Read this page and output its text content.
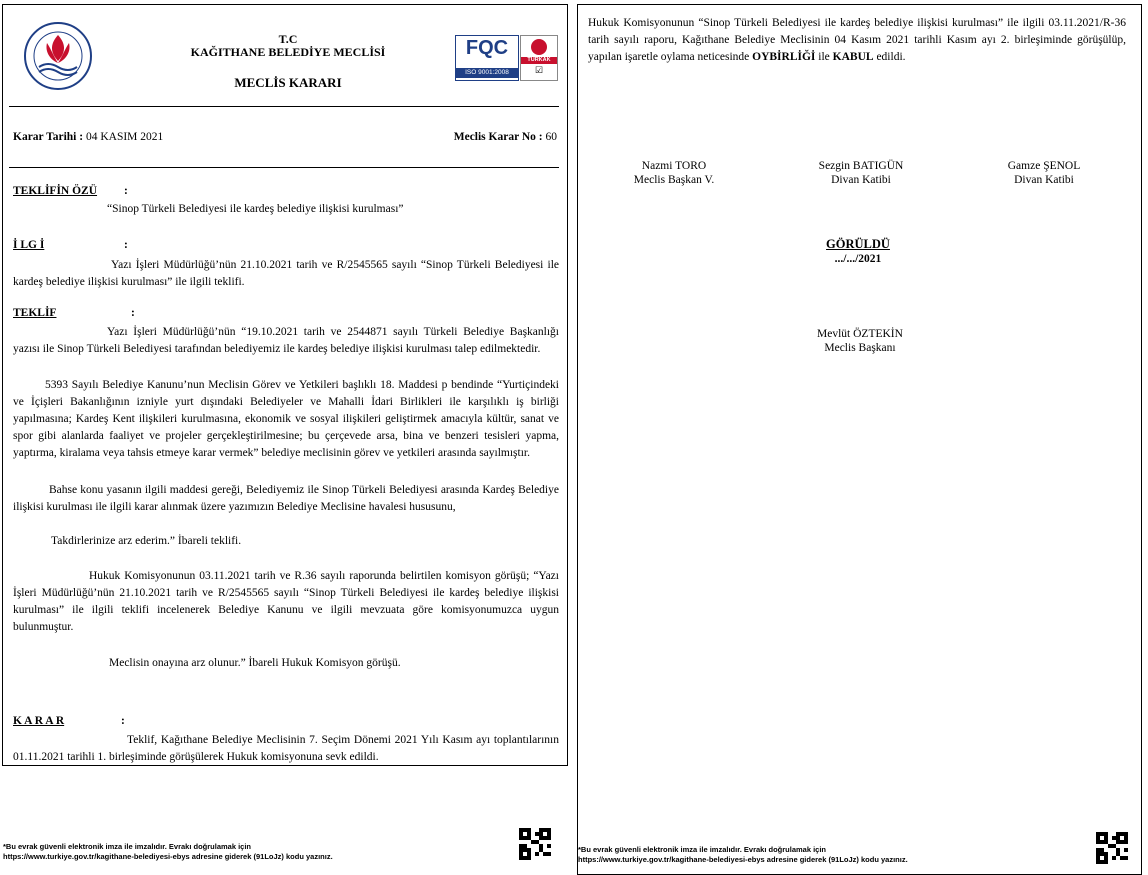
T.C
KAĞITHANE BELEDİYE MECLİSİ
MECLİS KARARI
FQC
ISO 9001:2008
TÜRKAK
☑
Karar Tarihi : 04 KASIM 2021	Meclis Karar No : 60
TEKLİFİN ÖZÜ :
“Sinop Türkeli Belediyesi ile kardeş belediye ilişkisi kurulması”
İ LG İ	:
Yazı İşleri Müdürlüğü’nün 21.10.2021 tarih ve R/2545565 sayılı “Sinop Türkeli Belediyesi ile kardeş belediye ilişkisi kurulması” ile ilgili teklifi.
TEKLİF	:
Yazı İşleri Müdürlüğü’nün “19.10.2021 tarih ve 2544871 sayılı Türkeli Belediye Başkanlığı yazısı ile Sinop Türkeli Belediyesi tarafından belediyemiz ile kardeş belediye ilişkisi kurulması talep edilmektedir.
5393 Sayılı Belediye Kanunu’nun Meclisin Görev ve Yetkileri başlıklı 18. Maddesi p bendinde “Yurtiçindeki ve İçişleri Bakanlığının izniyle yurt dışındaki Belediyeler ve Mahalli İdari Birlikleri ile karşılıklı iş birliği yapılmasına; Kardeş Kent ilişkileri kurulmasına, ekonomik ve sosyal ilişkileri geliştirmek amacıyla kültür, sanat ve spor gibi alanlarda faaliyet ve projeler gerçekleştirilmesine; bu çerçevede arsa, bina ve benzeri tesisleri yapma, yaptırma, kiralama veya tahsis etmeye karar vermek” belediye meclisinin görev ve yetkileri arasında sayılmıştır.
Bahse konu yasanın ilgili maddesi gereği, Belediyemiz ile Sinop Türkeli Belediyesi arasında Kardeş Belediye ilişkisi kurulması ile ilgili karar alınmak üzere yazımızın Belediye Meclisine havalesi hususunu,
Takdirlerinize arz ederim.” İbareli teklifi.
Hukuk Komisyonunun 03.11.2021 tarih ve R.36 sayılı raporunda belirtilen komisyon görüşü; “Yazı İşleri Müdürlüğü’nün 21.10.2021 tarih ve R/2545565 sayılı “Sinop Türkeli Belediyesi ile kardeş belediye ilişkisi kurulması” ile ilgili teklifi incelenerek Belediye Kanunu ve ilgili mevzuata göre komisyonumuzca uygun bulunmuştur.
Meclisin onayına arz olunur.” İbareli Hukuk Komisyon görüşü.
K A R A R	:
Teklif, Kağıthane Belediye Meclisinin 7. Seçim Dönemi 2021 Yılı Kasım ayı toplantılarının 01.11.2021 tarihli 1. birleşiminde görüşülerek Hukuk komisyonuna sevk edildi.
*Bu evrak güvenli elektronik imza ile imzalıdır. Evrakı doğrulamak için
https://www.turkiye.gov.tr/kagithane-belediyesi-ebys adresine giderek (91LoJz) kodu yazınız.
Hukuk Komisyonunun “Sinop Türkeli Belediyesi ile kardeş belediye ilişkisi kurulması” ile ilgili 03.11.2021/R-36 tarih sayılı raporu, Kağıthane Belediye Meclisinin 04 Kasım 2021 tarihli Kasım ayı 2. birleşiminde görüşülüp, yapılan işaretle oylama neticesinde OYBİRLİĞİ ile KABUL edildi.
Nazmi TORO
Meclis Başkan V.
Sezgin BATIGÜN
Divan Katibi
Gamze ŞENOL
Divan Katibi
GÖRÜLDÜ
.../.../2021
Mevlüt ÖZTEKİN
Meclis Başkanı
*Bu evrak güvenli elektronik imza ile imzalıdır. Evrakı doğrulamak için
https://www.turkiye.gov.tr/kagithane-belediyesi-ebys adresine giderek (91LoJz) kodu yazınız.
